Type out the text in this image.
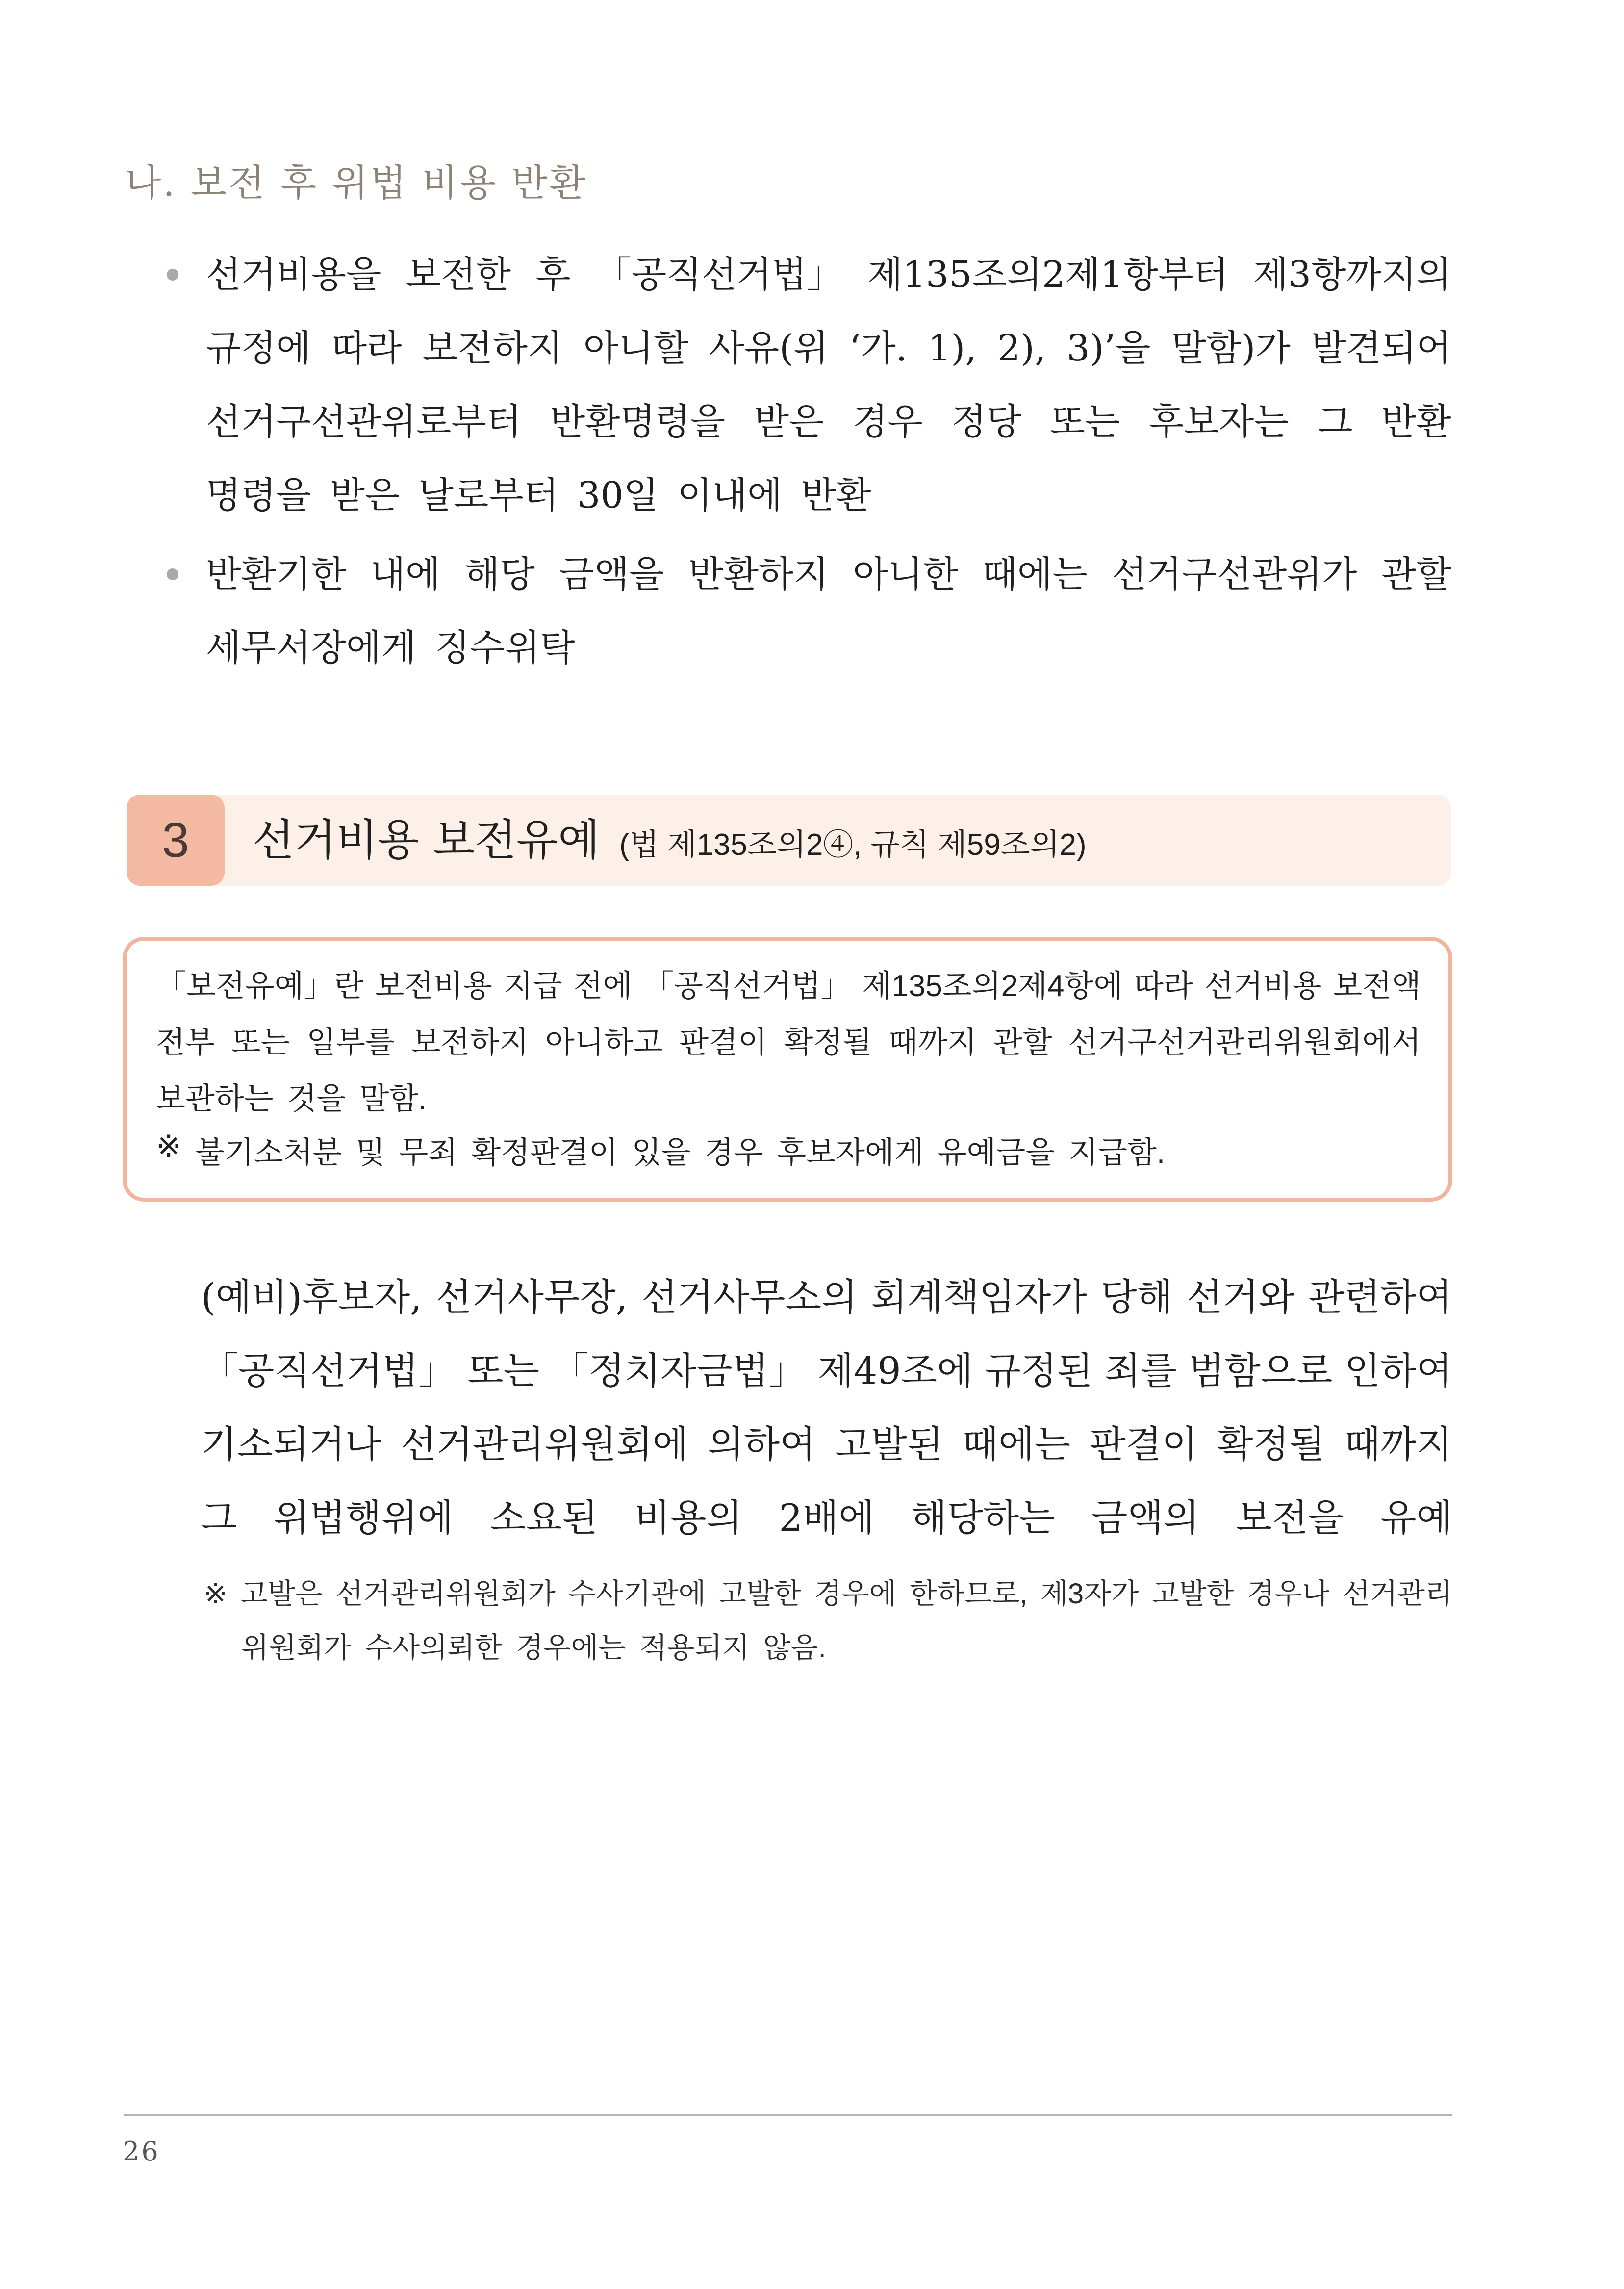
나. 보전 후 위법 비용 반환
선거비용을 보전한 후 「공직선거법」 제135조의2제1항부터 제3항까지의
규정에 따라 보전하지 아니할 사유(위 ‘가. 1), 2), 3)’을 말함)가 발견되어
선거구선관위로부터 반환명령을 받은 경우 정당 또는 후보자는 그 반환
명령을 받은 날로부터 30일 이내에 반환
반환기한 내에 해당 금액을 반환하지 아니한 때에는 선거구선관위가 관할
세무서장에게 징수위탁
3	선거비용 보전유예 (법 제135조의2④, 규칙 제59조의2)
「보전유예」란 보전비용 지급 전에 「공직선거법」 제135조의2제4항에 따라 선거비용 보전액
전부 또는 일부를 보전하지 아니하고 판결이 확정될 때까지 관할 선거구선거관리위원회에서
보관하는 것을 말함.
※ 불기소처분 및 무죄 확정판결이 있을 경우 후보자에게 유예금을 지급함.
(예비)후보자, 선거사무장, 선거사무소의 회계책임자가 당해 선거와 관련하여
「공직선거법」 또는 「정치자금법」 제49조에 규정된 죄를 범함으로 인하여
기소되거나 선거관리위원회에 의하여 고발된 때에는 판결이 확정될 때까지
그 위법행위에 소요된 비용의 2배에 해당하는 금액의 보전을 유예
※ 고발은 선거관리위원회가 수사기관에 고발한 경우에 한하므로, 제3자가 고발한 경우나 선거관리
위원회가 수사의뢰한 경우에는 적용되지 않음.
26
